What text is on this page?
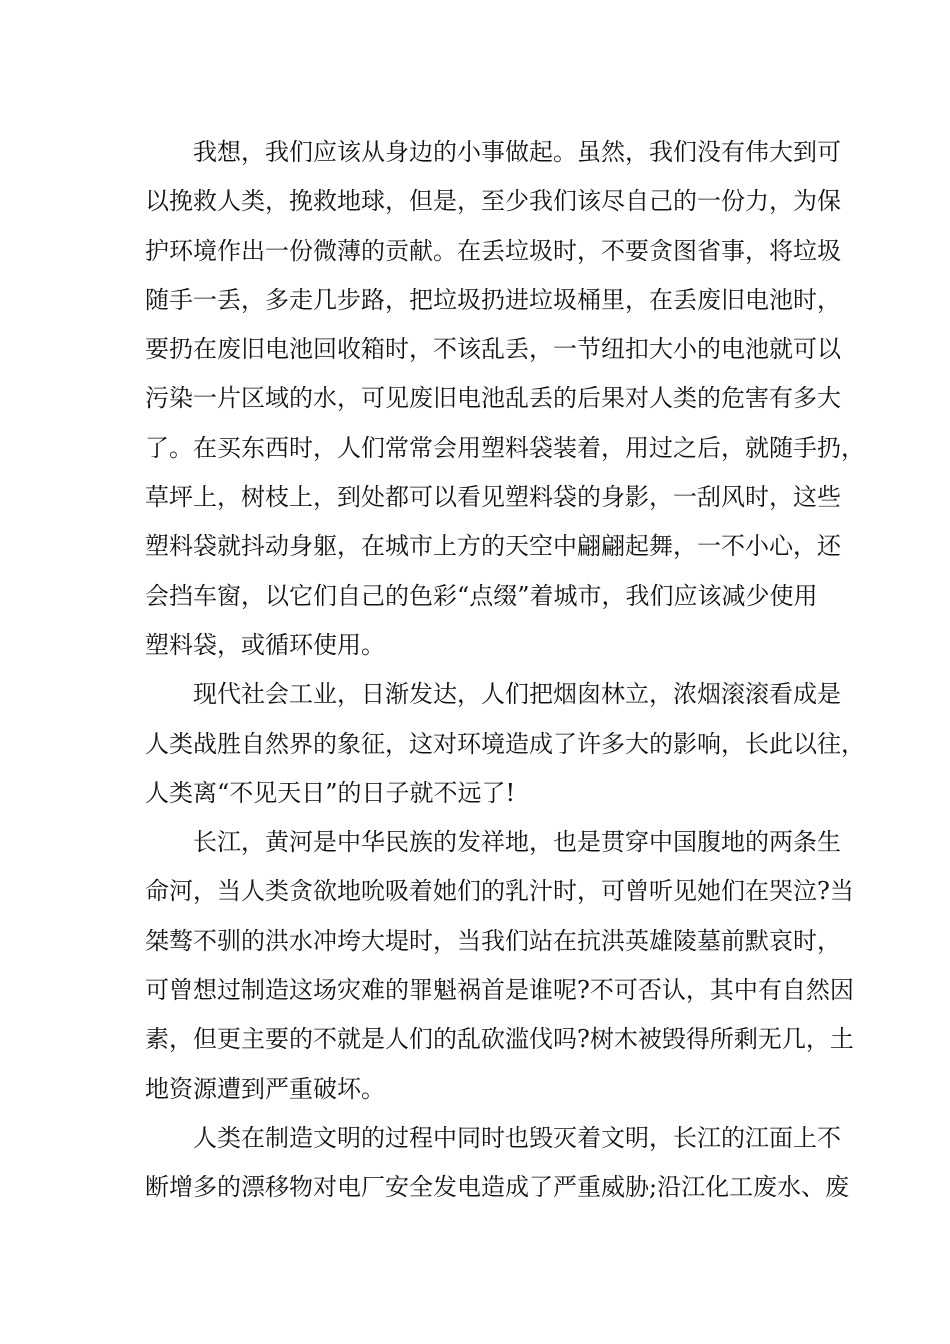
我想，我们应该从身边的小事做起。虽然，我们没有伟大到可
以挽救人类，挽救地球，但是，至少我们该尽自己的一份力，为保
护环境作出一份微薄的贡献。在丢垃圾时，不要贪图省事，将垃圾
随手一丢，多走几步路，把垃圾扔进垃圾桶里，在丢废旧电池时，
要扔在废旧电池回收箱时，不该乱丢，一节纽扣大小的电池就可以
污染一片区域的水，可见废旧电池乱丢的后果对人类的危害有多大
了。在买东西时，人们常常会用塑料袋装着，用过之后，就随手扔，
草坪上，树枝上，到处都可以看见塑料袋的身影，一刮风时，这些
塑料袋就抖动身躯，在城市上方的天空中翩翩起舞，一不小心，还
会挡车窗，以它们自己的色彩“点缀”着城市，我们应该减少使用
塑料袋，或循环使用。
现代社会工业，日渐发达，人们把烟囱林立，浓烟滚滚看成是
人类战胜自然界的象征，这对环境造成了许多大的影响，长此以往，
人类离“不见天日”的日子就不远了!
长江，黄河是中华民族的发祥地，也是贯穿中国腹地的两条生
命河，当人类贪欲地吮吸着她们的乳汁时，可曾听见她们在哭泣?当
桀骜不驯的洪水冲垮大堤时，当我们站在抗洪英雄陵墓前默哀时，
可曾想过制造这场灾难的罪魁祸首是谁呢?不可否认，其中有自然因
素，但更主要的不就是人们的乱砍滥伐吗?树木被毁得所剩无几，土
地资源遭到严重破坏。
人类在制造文明的过程中同时也毁灭着文明，长江的江面上不
断增多的漂移物对电厂安全发电造成了严重威胁;沿江化工废水、废
